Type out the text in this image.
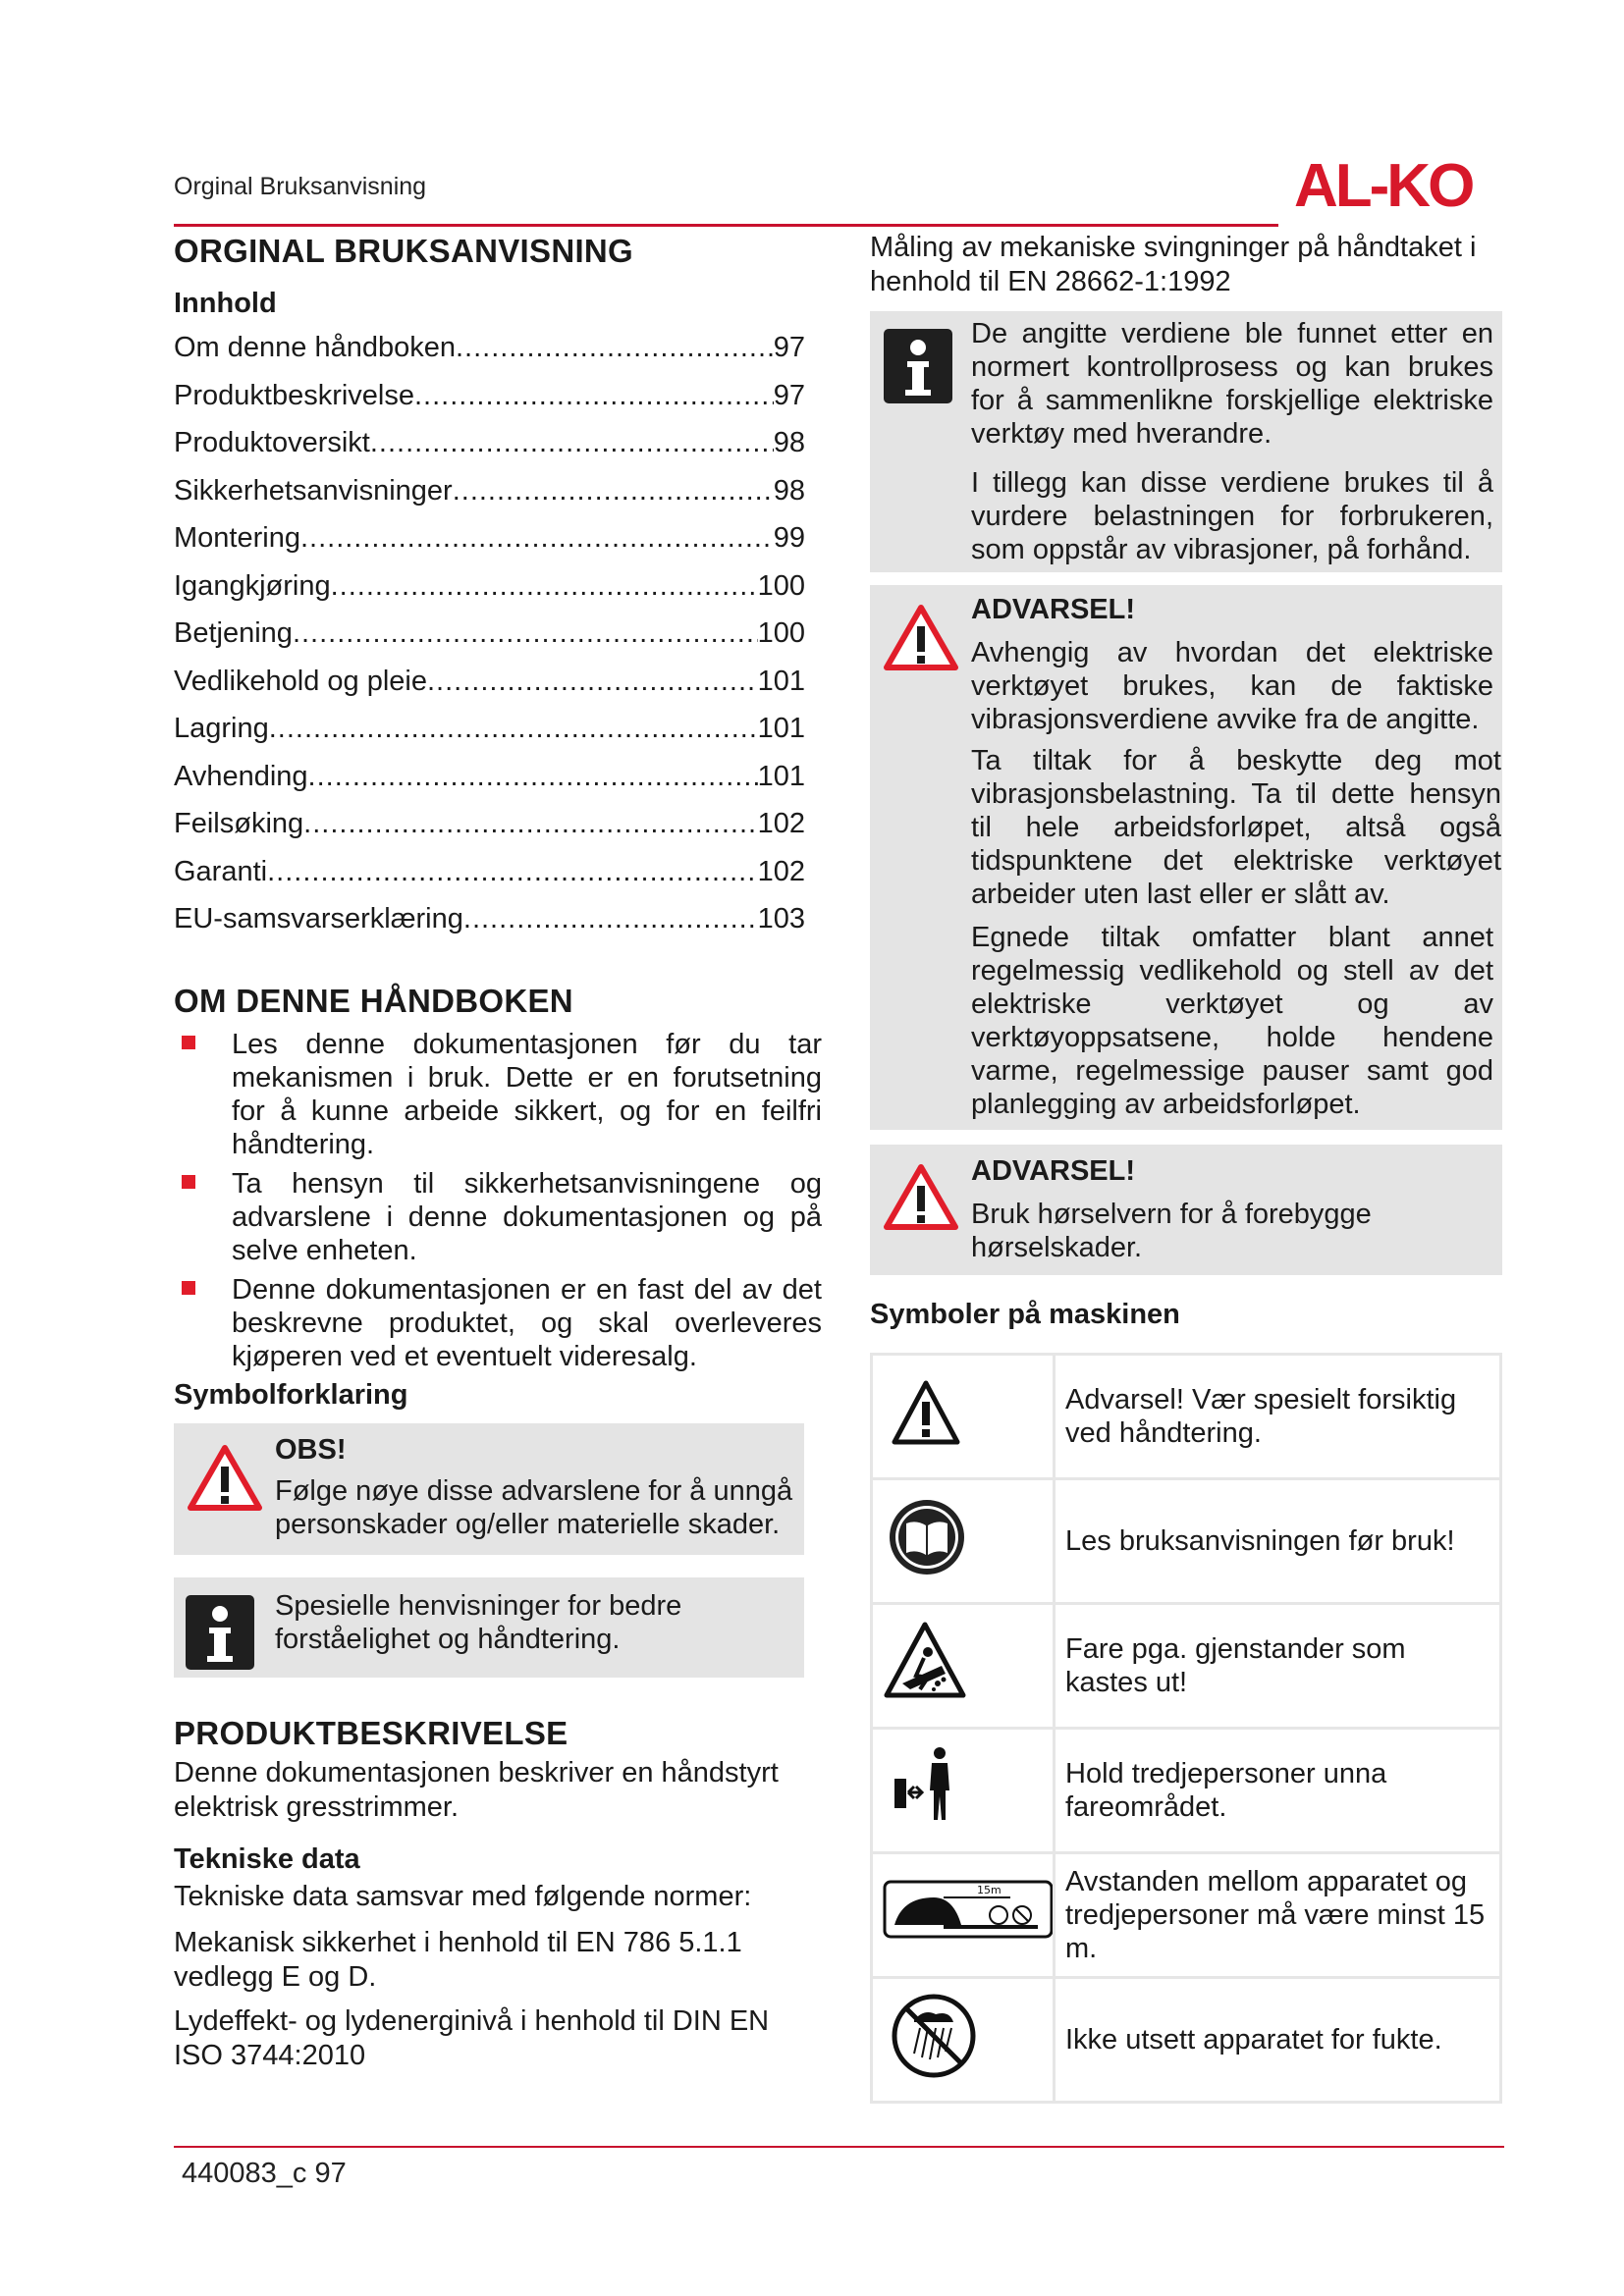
Orginal Bruksanvisning	AL-KO
ORGINAL BRUKSANVISNING
Innhold
Om denne håndboken .....	97
Produktbeskrivelse .....	97
Produktoversikt .....	98
Sikkerhetsanvisninger .....	98
Montering .....	99
Igangkjøring .....	100
Betjening .....	100
Vedlikehold og pleie .....	101
Lagring .....	101
Avhending .....	101
Feilsøking .....	102
Garanti .....	102
EU-samsvarserklæring .....	103
OM DENNE HÅNDBOKEN
Les denne dokumentasjonen før du tar mekanismen i bruk. Dette er en forutsetning for å kunne arbeide sikkert, og for en feilfri håndtering.
Ta hensyn til sikkerhetsanvisningene og advarslene i denne dokumentasjonen og på selve enheten.
Denne dokumentasjonen er en fast del av det beskrevne produktet, og skal overleveres kjøperen ved et eventuelt videresalg.
Symbolforklaring
OBS!
Følge nøye disse advarslene for å unngå personskader og/eller materielle skader.
Spesielle henvisninger for bedre forståelighet og håndtering.
PRODUKTBESKRIVELSE

Denne dokumentasjonen beskriver en håndstyrt elektrisk gresstrimmer.

Tekniske data

Tekniske data samsvar med følgende normer:

Mekanisk sikkerhet i henhold til EN 786 5.1.1 vedlegg E og D.

Lydeffekt- og lydenerginivå i henhold til DIN EN ISO 3744:2010

Måling av mekaniske svingninger på håndtaket i henhold til EN 28662-1:1992

De angitte verdiene ble funnet etter en normert kontrollprosess og kan brukes for å sammenlikne forskjellige elektriske verktøy med hverandre.
I tillegg kan disse verdiene brukes til å vurdere belastningen for forbrukeren, som oppstår av vibrasjoner, på forhånd.
ADVARSEL!
Avhengig av hvordan det elektriske verktøyet brukes, kan de faktiske vibrasjonsverdiene avvike fra de angitte.
Ta tiltak for å beskytte deg mot vibrasjonsbelastning. Ta til dette hensyn til hele arbeidsforløpet, altså også tidspunktene det elektriske verktøyet arbeider uten last eller er slått av.
Egnede tiltak omfatter blant annet regelmessig vedlikehold og stell av det elektriske verktøyet og av verktøyoppsatsene, holde hendene varme, regelmessige pauser samt god planlegging av arbeidsforløpet.
ADVARSEL!
Bruk hørselvern for å forebygge hørselskader.
Symboler på maskinen
	Advarsel! Vær spesielt forsiktig ved håndtering.
	Les bruksanvisningen før bruk!
	Fare pga. gjenstander som kastes ut!
	Hold tredjepersoner unna fareområdet.

15m	Avstanden mellom apparatet og tredjepersoner må være minst 15 m.
	Ikke utsett apparatet for fukte.
440083_c 97
